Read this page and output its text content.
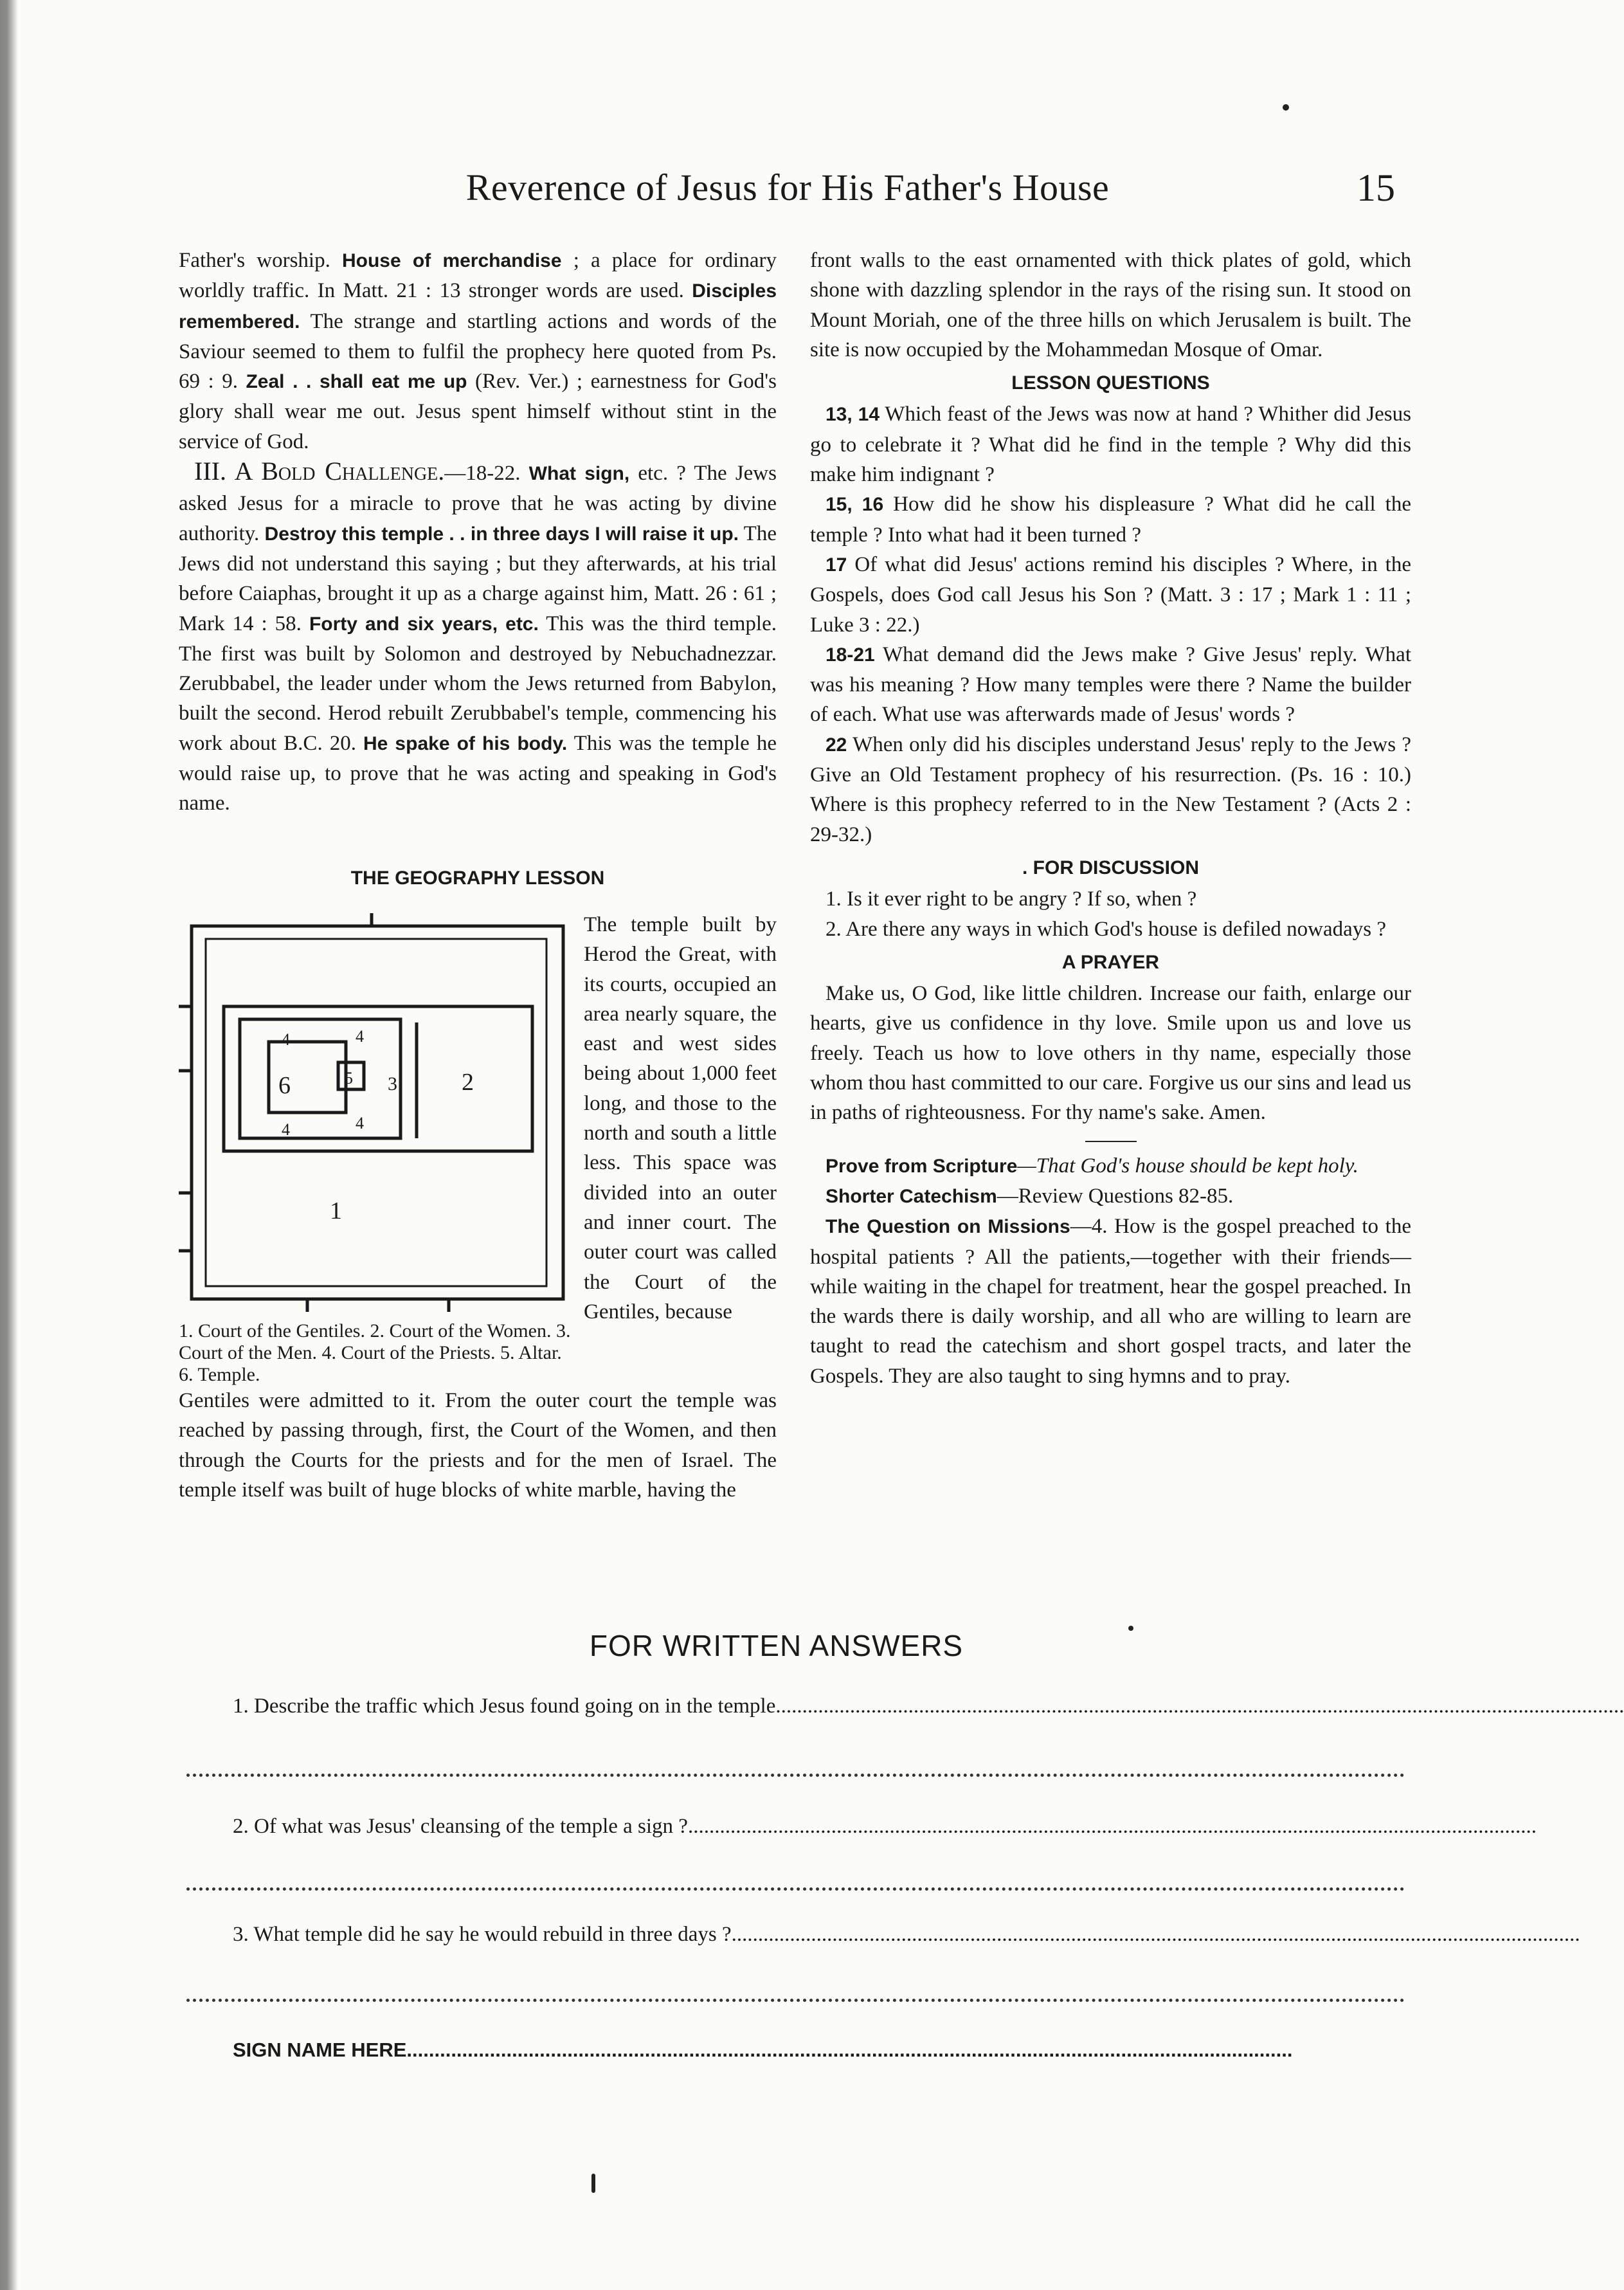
Reverence of Jesus for His Father's House	15

Father's worship. House of merchandise ; a place for ordinary worldly traffic. In Matt. 21 : 13 stronger words are used. Disciples remembered. The strange and startling actions and words of the Saviour seemed to them to fulfil the prophecy here quoted from Ps. 69 : 9. Zeal . . shall eat me up (Rev. Ver.) ; earnestness for God's glory shall wear me out. Jesus spent himself without stint in the service of God.

III. A Bold Challenge.—18-22. What sign, etc. ? The Jews asked Jesus for a miracle to prove that he was acting by divine authority. Destroy this temple . . in three days I will raise it up. The Jews did not understand this saying ; but they afterwards, at his trial before Caiaphas, brought it up as a charge against him, Matt. 26 : 61 ; Mark 14 : 58. Forty and six years, etc. This was the third temple. The first was built by Solomon and destroyed by Nebuchadnezzar. Zerubbabel, the leader under whom the Jews returned from Babylon, built the second. Herod rebuilt Zerubbabel's temple, commencing his work about B.C. 20. He spake of his body. This was the temple he would raise up, to prove that he was acting and speaking in God's name.

THE GEOGRAPHY LESSON
6	5 3	2
1
4	4
4	4
1. Court of the Gentiles. 2. Court of the Women. 3. Court of the Men. 4. Court of the Priests. 5. Altar. 6. Temple.
The temple built by Herod the Great, with its courts, occupied an area nearly square, the east and west sides being about 1,000 feet long, and those to the north and south a little less. This space was divided into an outer and inner court. The outer court was called the Court of the Gentiles, because

Gentiles were admitted to it. From the outer court the temple was reached by passing through, first, the Court of the Women, and then through the Courts for the priests and for the men of Israel. The temple itself was built of huge blocks of white marble, having the

front walls to the east ornamented with thick plates of gold, which shone with dazzling splendor in the rays of the rising sun. It stood on Mount Moriah, one of the three hills on which Jerusalem is built. The site is now occupied by the Mohammedan Mosque of Omar.

LESSON QUESTIONS

13, 14 Which feast of the Jews was now at hand ? Whither did Jesus go to celebrate it ? What did he find in the temple ? Why did this make him indignant ?

15, 16 How did he show his displeasure ? What did he call the temple ? Into what had it been turned ?

17 Of what did Jesus' actions remind his disciples ? Where, in the Gospels, does God call Jesus his Son ? (Matt. 3 : 17 ; Mark 1 : 11 ; Luke 3 : 22.)

18-21 What demand did the Jews make ? Give Jesus' reply. What was his meaning ? How many temples were there ? Name the builder of each. What use was afterwards made of Jesus' words ?

22 When only did his disciples understand Jesus' reply to the Jews ? Give an Old Testament prophecy of his resurrection. (Ps. 16 : 10.) Where is this prophecy referred to in the New Testament ? (Acts 2 : 29-32.)

. FOR DISCUSSION

1. Is it ever right to be angry ? If so, when ?

2. Are there any ways in which God's house is defiled nowadays ?

A PRAYER

Make us, O God, like little children. Increase our faith, enlarge our hearts, give us confidence in thy love. Smile upon us and love us freely. Teach us how to love others in thy name, especially those whom thou hast committed to our care. Forgive us our sins and lead us in paths of righteousness. For thy name's sake. Amen.

Prove from Scripture—That God's house should be kept holy.

Shorter Catechism—Review Questions 82-85.

The Question on Missions—4. How is the gospel preached to the hospital patients ? All the patients,—together with their friends—while waiting in the chapel for treatment, hear the gospel preached. In the wards there is daily worship, and all who are willing to learn are taught to read the catechism and short gospel tracts, and later the Gospels. They are also taught to sing hymns and to pray.

FOR WRITTEN ANSWERS
1. Describe the traffic which Jesus found going on in the temple................................................................................................................................................................
2. Of what was Jesus' cleansing of the temple a sign ?................................................................................................................................................................
3. What temple did he say he would rebuild in three days ?................................................................................................................................................................
SIGN NAME HERE................................................................................................................................................................
